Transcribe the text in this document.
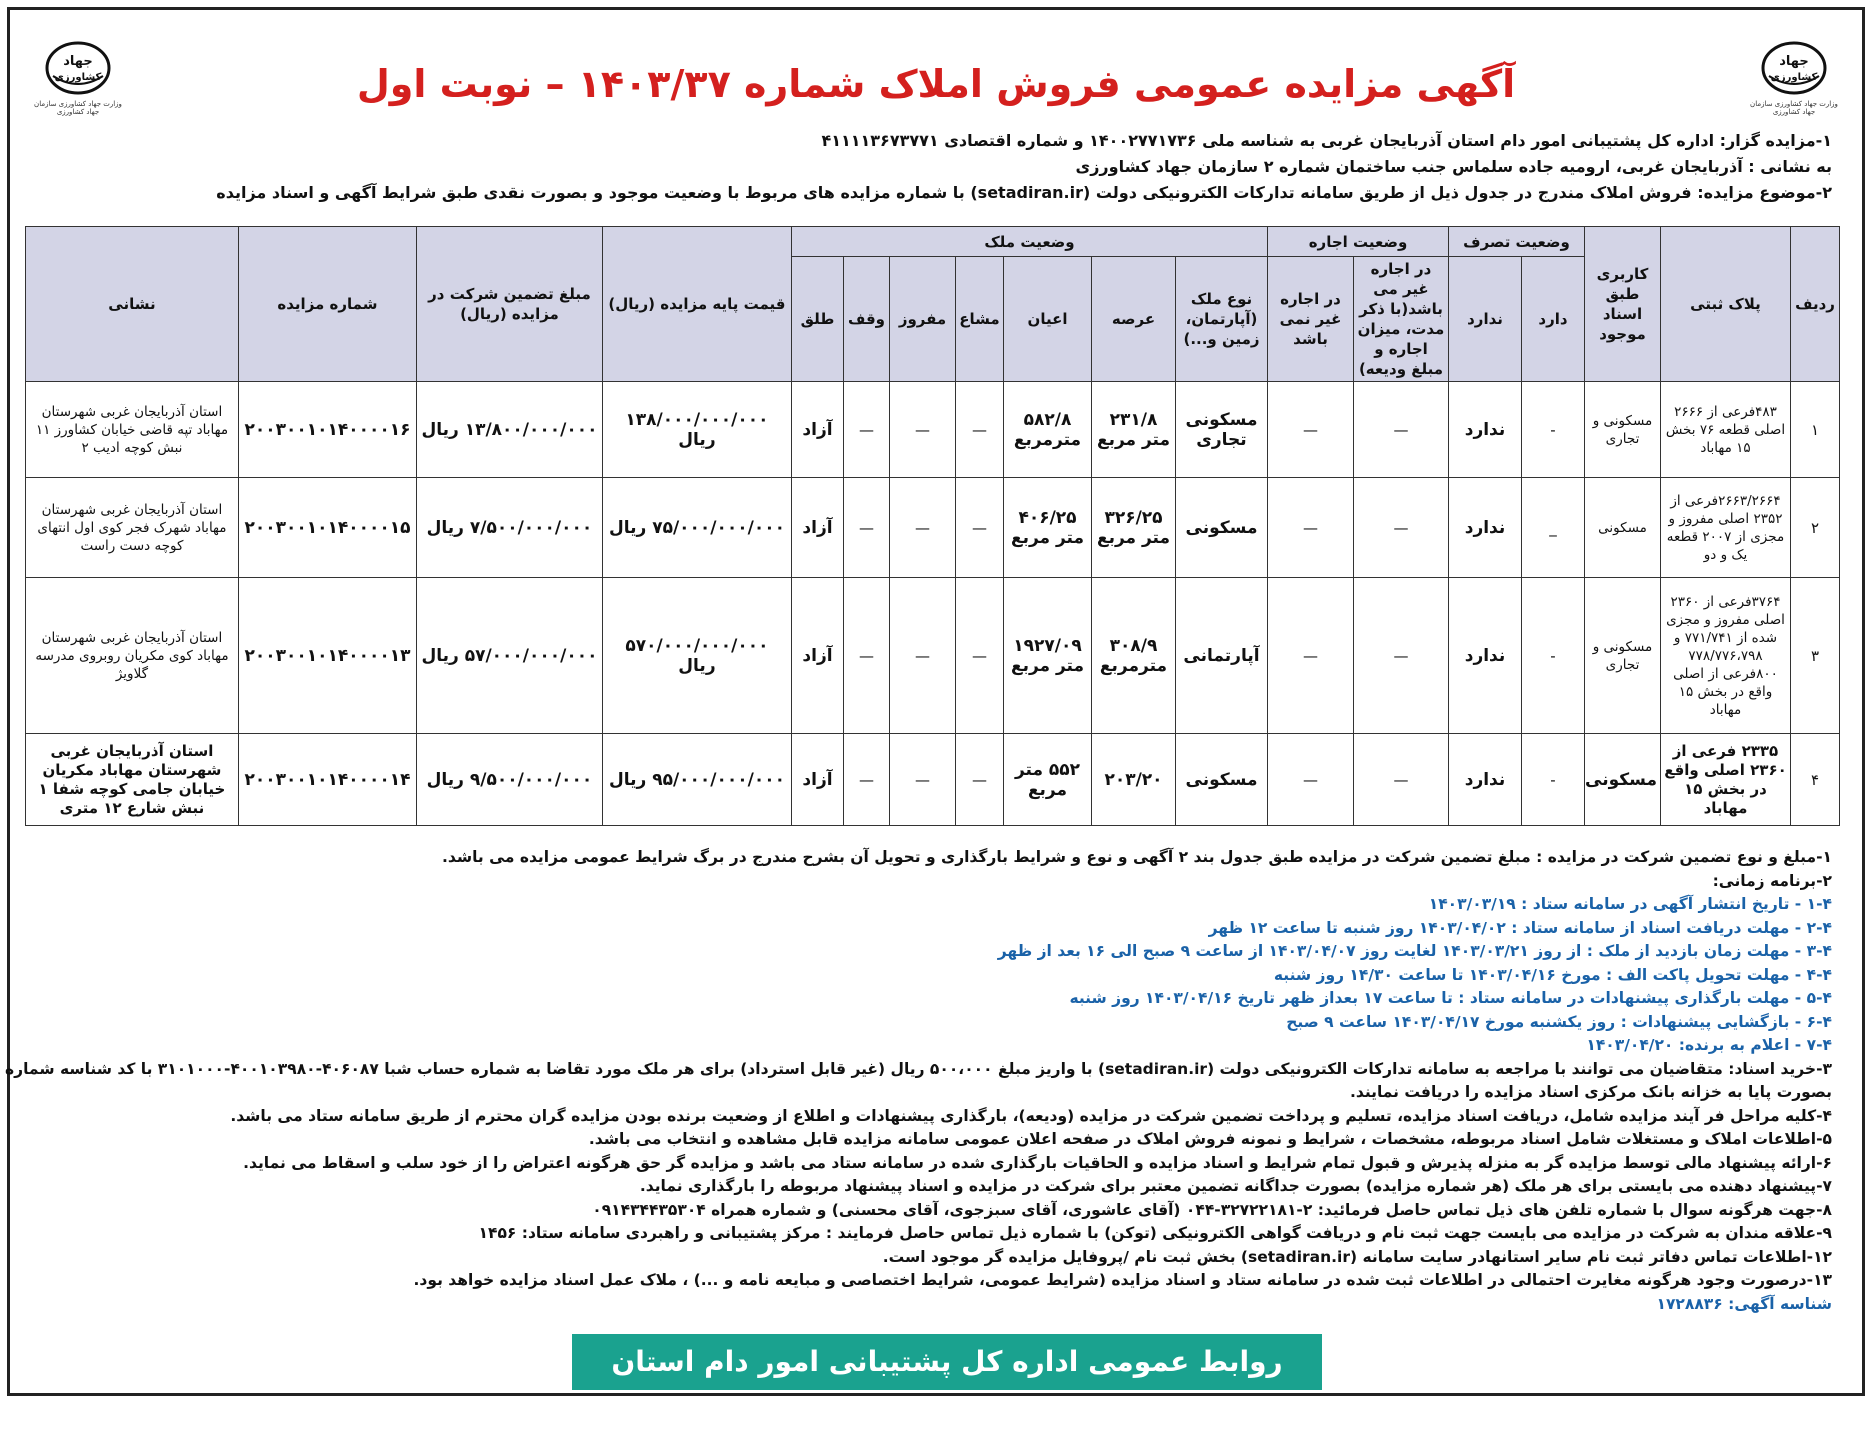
جهاد
کشاورزی
وزارت جهاد کشاورزی سازمان جهاد کشاورزی
جهاد
کشاورزی
وزارت جهاد کشاورزی سازمان جهاد کشاورزی
آگهی مزایده عمومی فروش املاک شماره ۱۴۰۳/۳۷ – نوبت اول
۱-مزایده گزار: اداره کل پشتیبانی امور دام استان آذربایجان غربی به شناسه ملی ۱۴۰۰۲۷۷۱۷۳۶ و شماره اقتصادی ۴۱۱۱۱۳۶۷۳۷۷۱
به نشانی : آذربایجان غربی، ارومیه جاده سلماس جنب ساختمان شماره ۲ سازمان جهاد کشاورزی
۲-موضوع مزایده: فروش املاک مندرج در جدول ذیل از طریق سامانه تدارکات الکترونیکی دولت (setadiran.ir) با شماره مزایده های مربوط با وضعیت موجود و بصورت نقدی طبق شرایط آگهی و اسناد مزایده
ردیف	پلاک ثبتی	کاربری طبق اسناد موجود	وضعیت تصرف		وضعیت اجاره		وضعیت ملک							قیمت پایه مزایده (ریال)	مبلغ تضمین شرکت در مزایده (ریال)	شماره مزایده	نشانی
			دارد	ندارد	در اجاره غیر می باشد(با ذکر مدت، میزان اجاره و مبلغ ودیعه)	در اجاره غیر نمی باشد	نوع ملک (آپارتمان، زمین و...)	عرصه	اعیان	مشاع	مفروز	وقف	طلق				
۱	۴۸۳فرعی از ۲۶۶۶ اصلی قطعه ۷۶ بخش ۱۵ مهاباد	مسکونی و تجاری	-	ندارد	—	—	مسکونی تجاری	۲۳۱/۸ متر مربع	۵۸۲/۸ مترمربع	—	—	—	آزاد	۱۳۸/۰۰۰/۰۰۰/۰۰۰ ریال	۱۳/۸۰۰/۰۰۰/۰۰۰ ریال	۲۰۰۳۰۰۱۰۱۴۰۰۰۰۱۶	استان آذربایجان غربی شهرستان مهاباد تپه قاضی خیابان کشاورز ۱۱ نبش کوچه ادیب ۲
۲	۲۶۶۳/۲۶۶۴فرعی از ۲۳۵۲ اصلی مفروز و مجزی از ۲۰۰۷ قطعه یک و دو	مسکونی	_	ندارد	—	—	مسکونی	۳۲۶/۲۵ متر مربع	۴۰۶/۲۵ متر مربع	—	—	—	آزاد	۷۵/۰۰۰/۰۰۰/۰۰۰ ریال	۷/۵۰۰/۰۰۰/۰۰۰ ریال	۲۰۰۳۰۰۱۰۱۴۰۰۰۰۱۵	استان آذربایجان غربی شهرستان مهاباد شهرک فجر کوی اول انتهای کوچه دست راست
۳	۳۷۶۴فرعی از ۲۳۶۰ اصلی مفروز و مجزی شده از ۷۷۱/۷۴۱ و ۷۷۸/۷۷۶،۷۹۸ ۸۰۰فرعی از اصلی واقع در بخش ۱۵ مهاباد	مسکونی و تجاری	-	ندارد	—	—	آپارتمانی	۳۰۸/۹ مترمربع	۱۹۲۷/۰۹ متر مربع	—	—	—	آزاد	۵۷۰/۰۰۰/۰۰۰/۰۰۰ ریال	۵۷/۰۰۰/۰۰۰/۰۰۰ ریال	۲۰۰۳۰۰۱۰۱۴۰۰۰۰۱۳	استان آذربایجان غربی شهرستان مهاباد کوی مکریان روبروی مدرسه گلاویژ
۴	۲۳۳۵ فرعی از ۲۳۶۰ اصلی واقع در بخش ۱۵ مهاباد	مسکونی	-	ندارد	—	—	مسکونی	۲۰۳/۲۰	۵۵۲ متر مربع	—	—	—	آزاد	۹۵/۰۰۰/۰۰۰/۰۰۰ ریال	۹/۵۰۰/۰۰۰/۰۰۰ ریال	۲۰۰۳۰۰۱۰۱۴۰۰۰۰۱۴	استان آذربایجان غربی شهرستان مهاباد مکریان خیابان جامی کوچه شفا ۱ نبش شارع ۱۲ متری
۱-مبلغ و نوع تضمین شرکت در مزایده : مبلغ تضمین شرکت در مزایده طبق جدول بند ۲ آگهی و نوع و شرایط بارگذاری و تحویل آن بشرح مندرج در برگ شرایط عمومی مزایده می باشد.
۲-برنامه زمانی:
۱-۴ - تاریخ انتشار آگهی در سامانه ستاد : ۱۴۰۳/۰۳/۱۹
۲-۴ - مهلت دریافت اسناد از سامانه ستاد : ۱۴۰۳/۰۴/۰۲ روز شنبه تا ساعت ۱۲ ظهر
۳-۴ - مهلت زمان بازدید از ملک : از روز ۱۴۰۳/۰۳/۲۱ لغایت روز ۱۴۰۳/۰۴/۰۷ از ساعت ۹ صبح الی ۱۶ بعد از ظهر
۴-۴ - مهلت تحویل پاکت الف : مورخ ۱۴۰۳/۰۴/۱۶ تا ساعت ۱۴/۳۰ روز شنبه
۵-۴ - مهلت بارگذاری پیشنهادات در سامانه ستاد : تا ساعت ۱۷ بعداز ظهر تاریخ ۱۴۰۳/۰۴/۱۶ روز شنبه
۶-۴ - بازگشایی پیشنهادات : روز یکشنبه مورخ ۱۴۰۳/۰۴/۱۷ ساعت ۹ صبح
۷-۴ - اعلام به برنده: ۱۴۰۳/۰۴/۲۰
۳-خرید اسناد: متقاضیان می توانند با مراجعه به سامانه تدارکات الکترونیکی دولت (setadiran.ir) با واریز مبلغ ۵۰۰،۰۰۰ ریال (غیر قابل استرداد) برای هر ملک مورد تقاضا به شماره حساب شبا ۴۰۶۰۸۷-۴۰۰۱۰۳۹۸۰-۳۱۰۱۰۰۰ با کد شناسه شماره
بصورت پایا به خزانه بانک مرکزی اسناد مزایده را دریافت نمایند.
۴-کلیه مراحل فر آیند مزایده شامل، دریافت اسناد مزایده، تسلیم و پرداخت تضمین شرکت در مزایده (ودیعه)، بارگذاری پیشنهادات و اطلاع از وضعیت برنده بودن مزایده گران محترم از طریق سامانه ستاد می باشد.
۵-اطلاعات املاک و مستغلات شامل اسناد مربوطه، مشخصات ، شرایط و نمونه فروش املاک در صفحه اعلان عمومی سامانه مزایده قابل مشاهده و انتخاب می باشد.
۶-ارائه پیشنهاد مالی توسط مزایده گر به منزله پذیرش و قبول تمام شرایط و اسناد مزایده و الحاقیات بارگذاری شده در سامانه ستاد می باشد و مزایده گر حق هرگونه اعتراض را از خود سلب و اسقاط می نماید.
۷-پیشنهاد دهنده می بایستی برای هر ملک (هر شماره مزایده) بصورت جداگانه تضمین معتبر برای شرکت در مزایده و اسناد پیشنهاد مربوطه را بارگذاری نماید.
۸-جهت هرگونه سوال با شماره تلفن های ذیل تماس حاصل فرمائید: ۲-۳۲۷۲۲۱۸۱-۰۴۴ (آقای عاشوری، آقای سبزجوی، آقای محسنی) و شماره همراه ۰۹۱۴۳۴۴۳۵۳۰۴
۹-علاقه مندان به شرکت در مزایده می بایست جهت ثبت نام و دریافت گواهی الکترونیکی (توکن) با شماره ذیل تماس حاصل فرمایند : مرکز پشتیبانی و راهبردی سامانه ستاد: ۱۴۵۶
۱۲-اطلاعات تماس دفاتر ثبت نام سایر استانهادر سایت سامانه (setadiran.ir) بخش ثبت نام /پروفایل مزایده گر موجود است.
۱۳-درصورت وجود هرگونه مغایرت احتمالی در اطلاعات ثبت شده در سامانه ستاد و اسناد مزایده (شرایط عمومی، شرایط اختصاصی و مبایعه نامه و ...) ، ملاک عمل اسناد مزایده خواهد بود.
شناسه آگهی: ۱۷۲۸۸۳۶
روابط عمومی اداره کل پشتیبانی امور دام استان آذربایجان غربی
